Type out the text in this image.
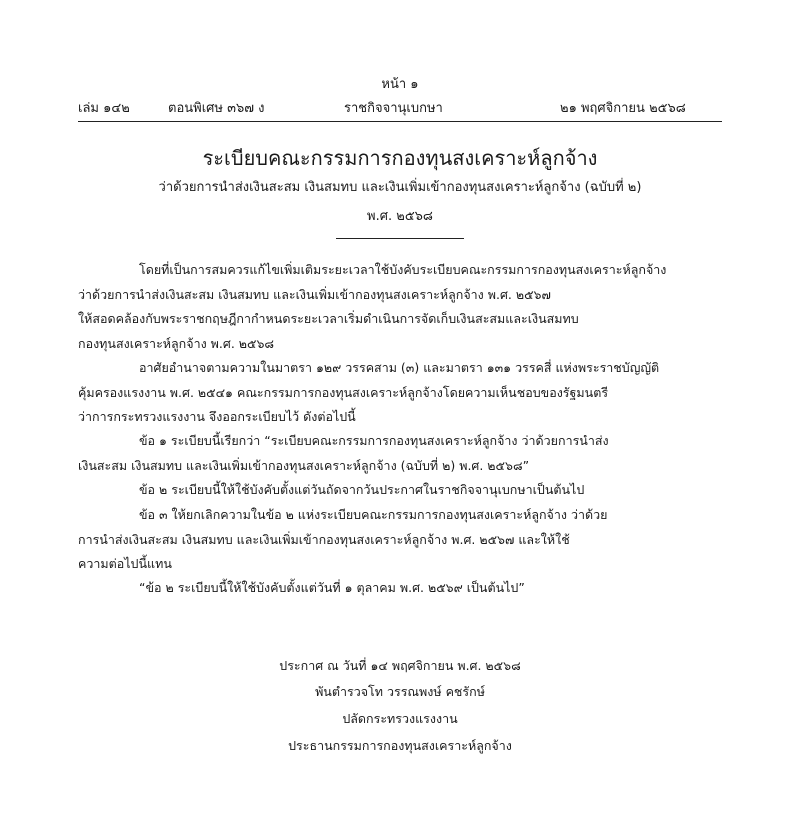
หน้า ๑
เล่ม ๑๔๒	ตอนพิเศษ ๓๖๗ ง	ราชกิจจานุเบกษา	๒๑ พฤศจิกายน ๒๕๖๘
ระเบียบคณะกรรมการกองทุนสงเคราะห์ลูกจ้าง
ว่าด้วยการนำส่งเงินสะสม เงินสมทบ และเงินเพิ่มเข้ากองทุนสงเคราะห์ลูกจ้าง (ฉบับที่ ๒)
พ.ศ. ๒๕๖๘
โดยที่เป็นการสมควรแก้ไขเพิ่มเติมระยะเวลาใช้บังคับระเบียบคณะกรรมการกองทุนสงเคราะห์ลูกจ้าง
ว่าด้วยการนำส่งเงินสะสม เงินสมทบ และเงินเพิ่มเข้ากองทุนสงเคราะห์ลูกจ้าง พ.ศ. ๒๕๖๗
ให้สอดคล้องกับพระราชกฤษฎีกากำหนดระยะเวลาเริ่มดำเนินการจัดเก็บเงินสะสมและเงินสมทบ
กองทุนสงเคราะห์ลูกจ้าง พ.ศ. ๒๕๖๘
อาศัยอำนาจตามความในมาตรา ๑๒๙ วรรคสาม (๓) และมาตรา ๑๓๑ วรรคสี่ แห่งพระราชบัญญัติ
คุ้มครองแรงงาน พ.ศ. ๒๕๔๑ คณะกรรมการกองทุนสงเคราะห์ลูกจ้างโดยความเห็นชอบของรัฐมนตรี
ว่าการกระทรวงแรงงาน จึงออกระเบียบไว้ ดังต่อไปนี้
ข้อ ๑ ระเบียบนี้เรียกว่า “ระเบียบคณะกรรมการกองทุนสงเคราะห์ลูกจ้าง ว่าด้วยการนำส่ง
เงินสะสม เงินสมทบ และเงินเพิ่มเข้ากองทุนสงเคราะห์ลูกจ้าง (ฉบับที่ ๒) พ.ศ. ๒๕๖๘”
ข้อ ๒ ระเบียบนี้ให้ใช้บังคับตั้งแต่วันถัดจากวันประกาศในราชกิจจานุเบกษาเป็นต้นไป
ข้อ ๓ ให้ยกเลิกความในข้อ ๒ แห่งระเบียบคณะกรรมการกองทุนสงเคราะห์ลูกจ้าง ว่าด้วย
การนำส่งเงินสะสม เงินสมทบ และเงินเพิ่มเข้ากองทุนสงเคราะห์ลูกจ้าง พ.ศ. ๒๕๖๗ และให้ใช้
ความต่อไปนี้แทน
“ข้อ ๒ ระเบียบนี้ให้ใช้บังคับตั้งแต่วันที่ ๑ ตุลาคม พ.ศ. ๒๕๖๙ เป็นต้นไป”
ประกาศ ณ วันที่ ๑๔ พฤศจิกายน พ.ศ. ๒๕๖๘
พันตำรวจโท วรรณพงษ์ คชรักษ์
ปลัดกระทรวงแรงงาน
ประธานกรรมการกองทุนสงเคราะห์ลูกจ้าง
